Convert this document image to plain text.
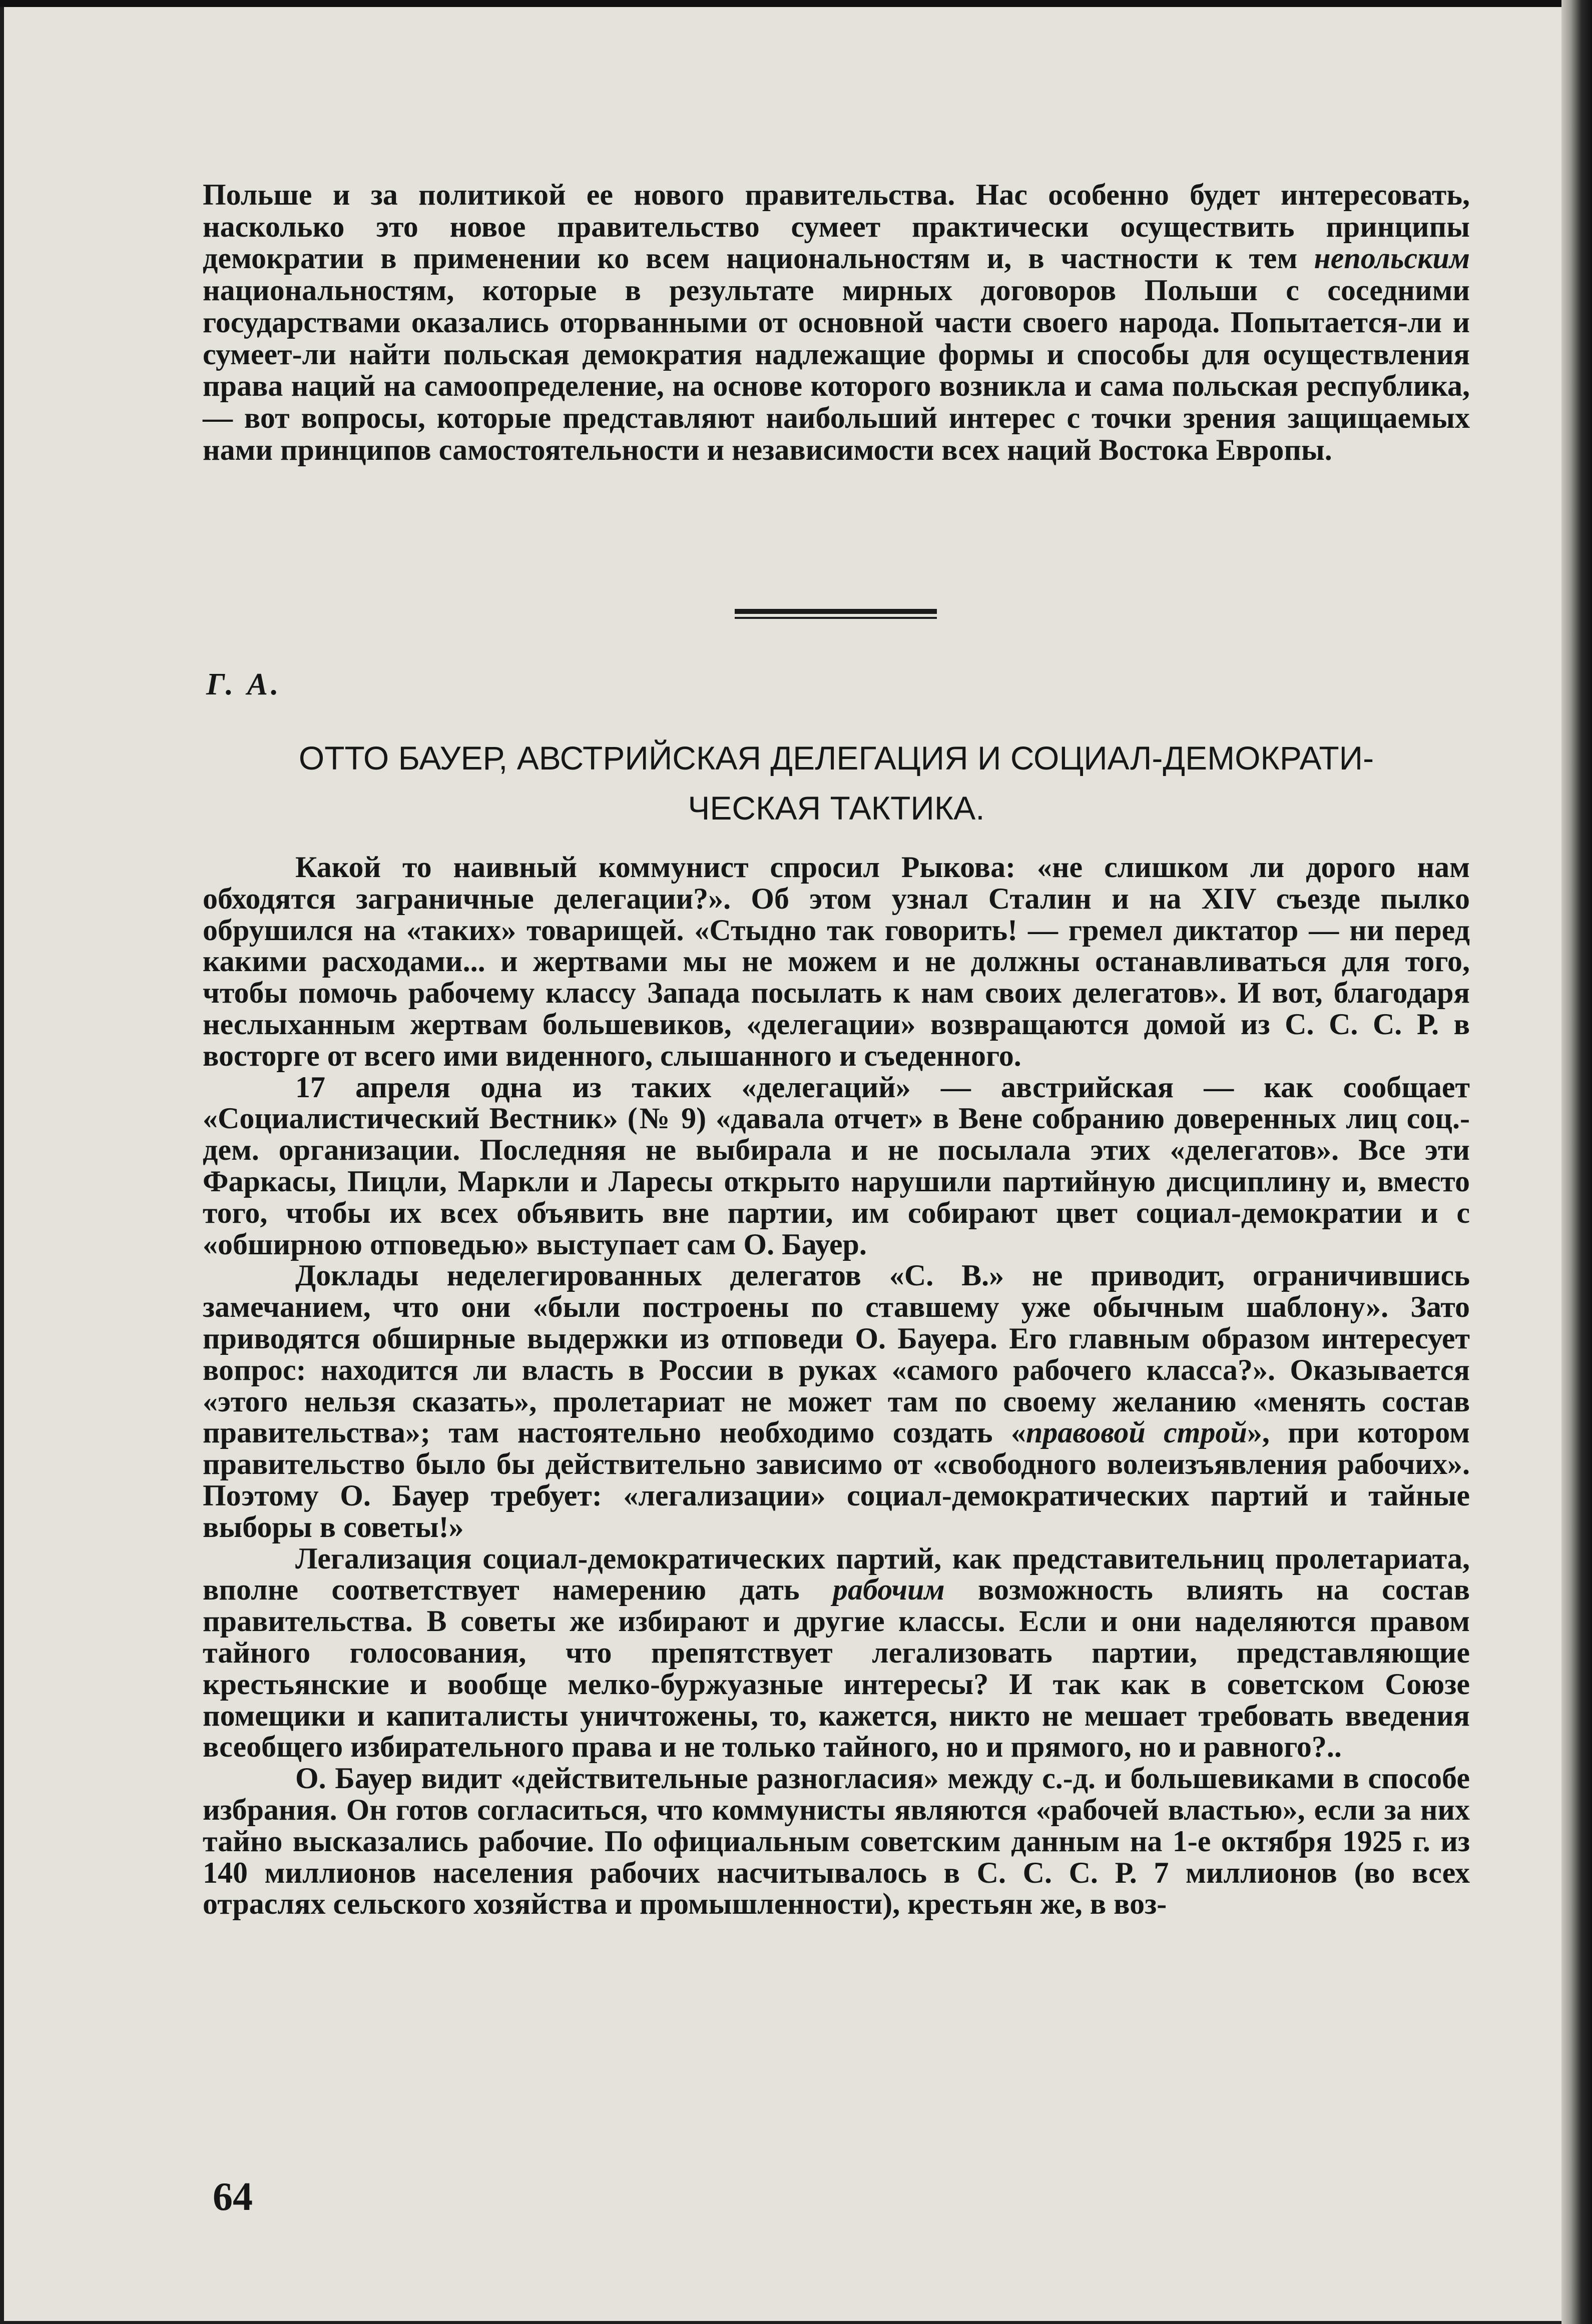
Польше и за политикой ее нового правительства. Нас особенно будет интересовать, насколько это новое правительство сумеет практически осуществить принципы демократии в применении ко всем национальностям и, в частности к тем непольским национальностям, которые в результате мирных договоров Польши с соседними государствами оказались оторванными от основной части своего народа. Попытается-ли и сумеет-ли найти польская демократия надлежащие формы и способы для осуществления права наций на самоопределение, на основе которого возникла и сама польская республика, — вот вопросы, которые представляют наибольший интерес с точки зрения защищаемых нами принципов самостоятельности и независимости всех наций Востока Европы.

Г. А.
ОТТО БАУЕР, АВСТРИЙСКАЯ ДЕЛЕГАЦИЯ И СОЦИАЛ-ДЕМОКРАТИ-
ЧЕСКАЯ ТАКТИКА.

Какой то наивный коммунист спросил Рыкова: «не слишком ли дорого нам обходятся заграничные делегации?». Об этом узнал Сталин и на XIV съезде пылко обрушился на «таких» товарищей. «Стыдно так говорить! — гремел диктатор — ни перед какими расходами... и жертвами мы не можем и не должны останавливаться для того, чтобы помочь рабочему классу Запада посылать к нам своих делегатов». И вот, благодаря неслыханным жертвам большевиков, «делегации» возвращаются домой из С. С. С. Р. в восторге от всего ими виденного, слышанного и съеденного.

17 апреля одна из таких «делегаций» — австрийская — как сообщает «Социалистический Вестник» (№ 9) «давала отчет» в Вене собранию доверенных лиц соц.-дем. организации. Последняя не выбирала и не посылала этих «делегатов». Все эти Фаркасы, Пицли, Маркли и Ларесы открыто нарушили партийную дисциплину и, вместо того, чтобы их всех объявить вне партии, им собирают цвет социал-демократии и с «обширною отповедью» выступает сам О. Бауер.

Доклады неделегированных делегатов «С. В.» не приводит, ограничившись замечанием, что они «были построены по ставшему уже обычным шаблону». Зато приводятся обширные выдержки из отповеди О. Бауера. Его главным образом интересует вопрос: находится ли власть в России в руках «самого рабочего класса?». Оказывается «этого нельзя сказать», пролетариат не может там по своему желанию «менять состав правительства»; там настоятельно необходимо создать «правовой строй», при котором правительство было бы действительно зависимо от «свободного волеизъявления рабочих». Поэтому О. Бауер требует: «легализации» социал-демократических партий и тайные выборы в советы!»

Легализация социал-демократических партий, как представительниц пролетариата, вполне соответствует намерению дать рабочим возможность влиять на состав правительства. В советы же избирают и другие классы. Если и они наделяются правом тайного голосования, что препятствует легализовать партии, представляющие крестьянские и вообще мелко-буржуазные интересы? И так как в советском Союзе помещики и капиталисты уничтожены, то, кажется, никто не мешает требовать введения всеобщего избирательного права и не только тайного, но и прямого, но и равного?..

О. Бауер видит «действительные разногласия» между с.-д. и большевиками в способе избрания. Он готов согласиться, что коммунисты являются «рабочей властью», если за них тайно высказались рабочие. По официальным советским данным на 1-е октября 1925 г. из 140 миллионов населения рабочих насчитывалось в С. С. С. Р. 7 миллионов (во всех отраслях сельского хозяйства и промышленности), крестьян же, в воз-

64
